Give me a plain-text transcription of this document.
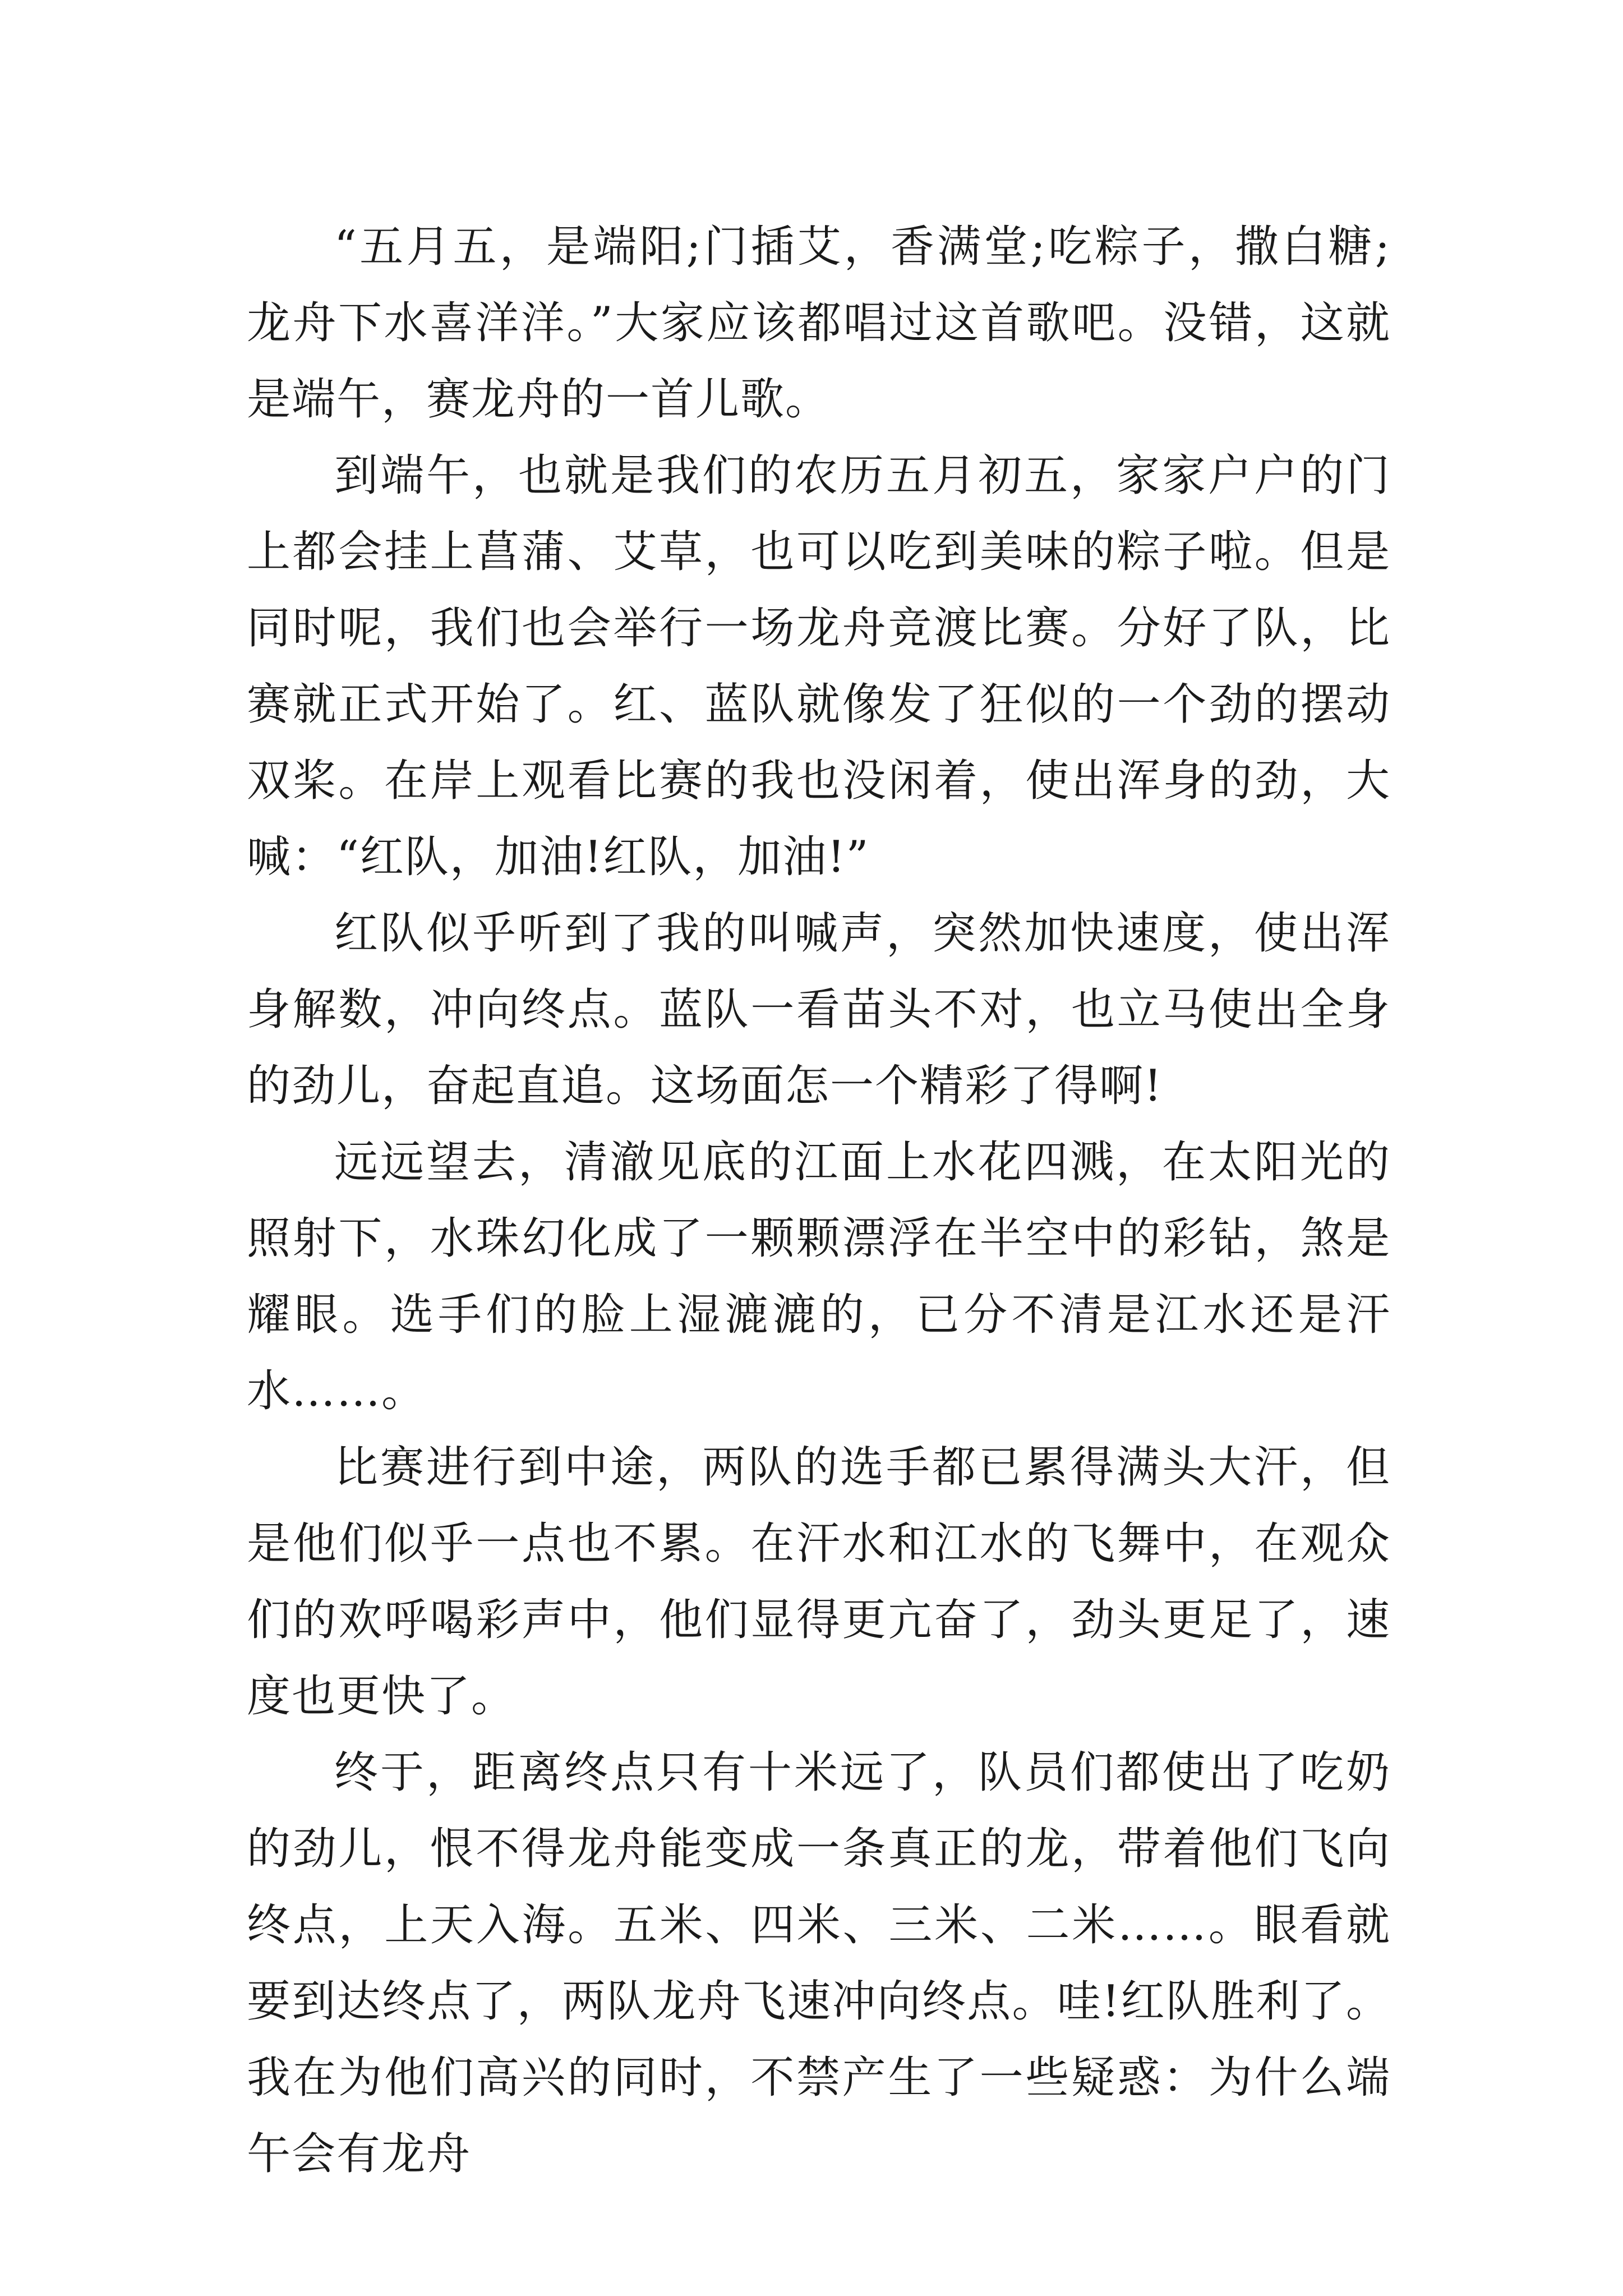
“五月五，是端阳;门插艾，香满堂;吃粽子，撒白糖;龙舟下水喜洋洋。”大家应该都唱过这首歌吧。没错，这就是端午，赛龙舟的一首儿歌。

到端午，也就是我们的农历五月初五，家家户户的门上都会挂上菖蒲、艾草，也可以吃到美味的粽子啦。但是同时呢，我们也会举行一场龙舟竞渡比赛。分好了队，比赛就正式开始了。红、蓝队就像发了狂似的一个劲的摆动双桨。在岸上观看比赛的我也没闲着，使出浑身的劲，大喊：“红队，加油!红队，加油!”

红队似乎听到了我的叫喊声，突然加快速度，使出浑身解数，冲向终点。蓝队一看苗头不对，也立马使出全身的劲儿，奋起直追。这场面怎一个精彩了得啊!

远远望去，清澈见底的江面上水花四溅，在太阳光的照射下，水珠幻化成了一颗颗漂浮在半空中的彩钻，煞是耀眼。选手们的脸上湿漉漉的，已分不清是江水还是汗水……。

比赛进行到中途，两队的选手都已累得满头大汗，但是他们似乎一点也不累。在汗水和江水的飞舞中，在观众们的欢呼喝彩声中，他们显得更亢奋了，劲头更足了，速度也更快了。

终于，距离终点只有十米远了，队员们都使出了吃奶的劲儿，恨不得龙舟能变成一条真正的龙，带着他们飞向终点，上天入海。五米、四米、三米、二米……。眼看就要到达终点了，两队龙舟飞速冲向终点。哇!红队胜利了。我在为他们高兴的同时，不禁产生了一些疑惑：为什么端午会有龙舟
